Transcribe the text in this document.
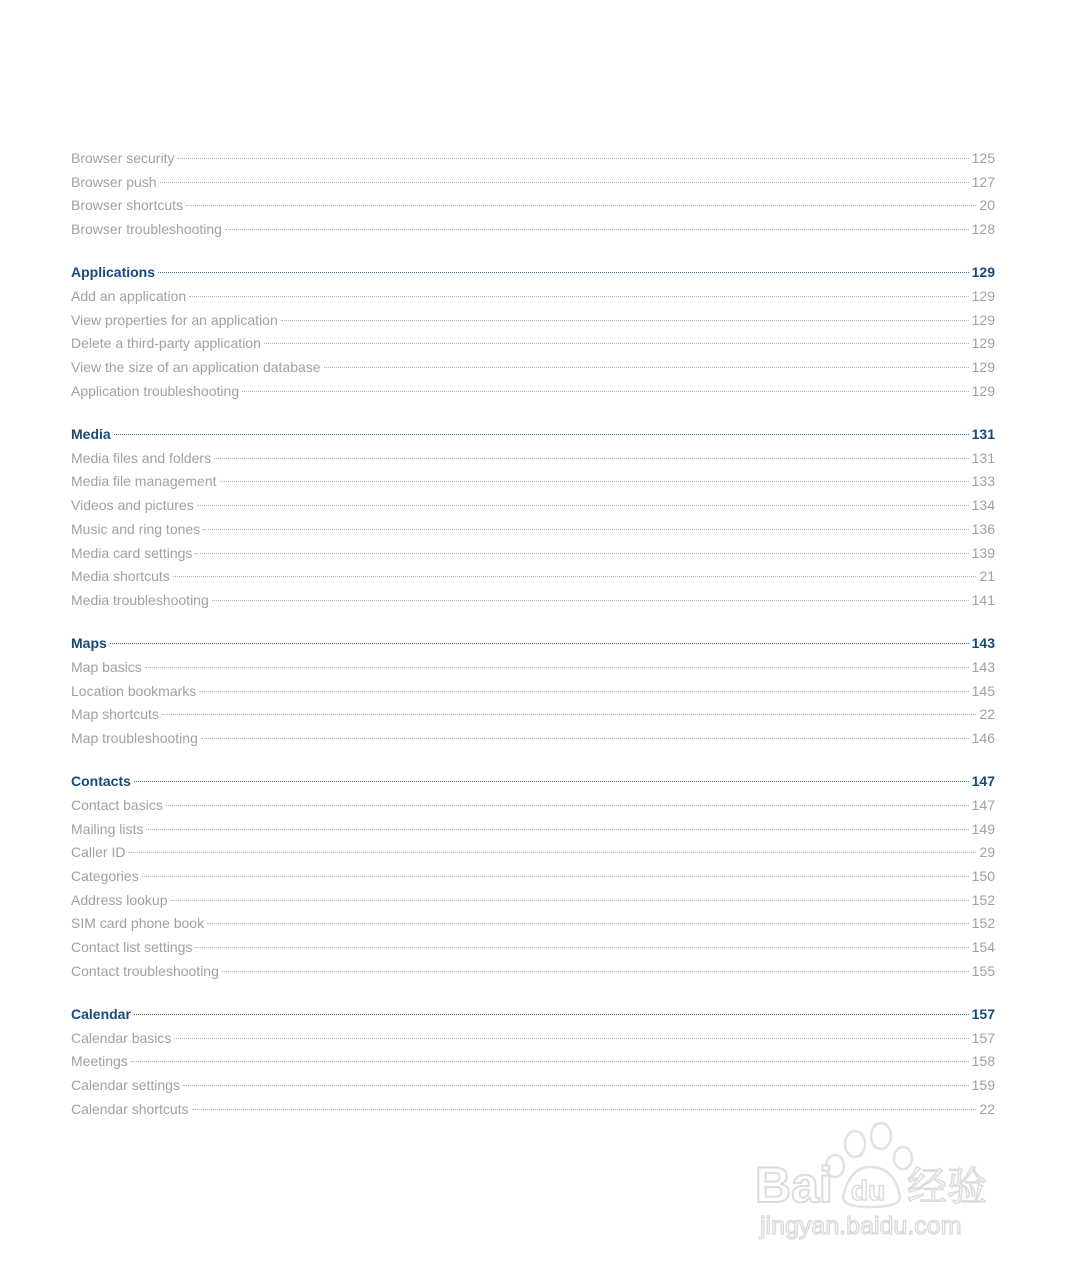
Browser security	125
Browser push	127
Browser shortcuts	20
Browser troubleshooting	128
Applications	129
Add an application	129
View properties for an application	129
Delete a third-party application	129
View the size of an application database	129
Application troubleshooting	129
Media	131
Media files and folders	131
Media file management	133
Videos and pictures	134
Music and ring tones	136
Media card settings	139
Media shortcuts	21
Media troubleshooting	141
Maps	143
Map basics	143
Location bookmarks	145
Map shortcuts	22
Map troubleshooting	146
Contacts	147
Contact basics	147
Mailing lists	149
Caller ID	29
Categories	150
Address lookup	152
SIM card phone book	152
Contact list settings	154
Contact troubleshooting	155
Calendar	157
Calendar basics	157
Meetings	158
Calendar settings	159
Calendar shortcuts	22
Bai du 经验
jingyan.baidu.com
